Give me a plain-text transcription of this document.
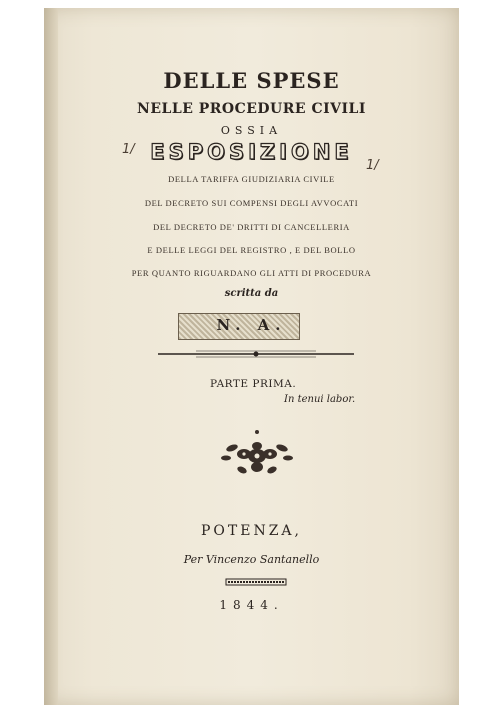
DELLE SPESE
NELLE PROCEDURE CIVILI
OSSIA
ESPOSIZIONE
1/
1/
DELLA TARIFFA GIUDIZIARIA CIVILE
DEL DECRETO SUI COMPENSI DEGLI AVVOCATI
DEL DECRETO DE' DRITTI DI CANCELLERIA
E DELLE LEGGI DEL REGISTRO , E DEL BOLLO
PER QUANTO RIGUARDANO GLI ATTI DI PROCEDURA
scritta da
N. A.
PARTE PRIMA.
In tenui labor.
POTENZA,
Per Vincenzo Santanello
1844.
